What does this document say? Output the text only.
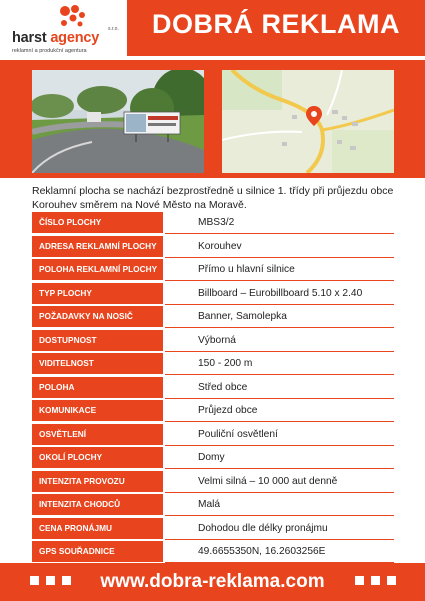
harst agency
s.r.o.
reklamní a produkční agentura
DOBRÁ REKLAMA
Reklamní plocha se nachází bezprostředně u silnice 1. třídy při průjezdu obce Korouhev směrem na Nové Město na Moravě.
ČÍSLO PLOCHY	MBS3/2
ADRESA REKLAMNÍ PLOCHY	Korouhev
POLOHA REKLAMNÍ PLOCHY	Přímo u hlavní silnice
TYP PLOCHY	Billboard – Eurobillboard 5.10 x 2.40
POŽADAVKY NA NOSIČ	Banner, Samolepka
DOSTUPNOST	Výborná
VIDITELNOST	150 - 200 m
POLOHA	Střed obce
KOMUNIKACE	Průjezd obce
OSVĚTLENÍ	Pouliční osvětlení
OKOLÍ PLOCHY	Domy
INTENZITA PROVOZU	Velmi silná – 10 000 aut denně
INTENZITA CHODCŮ	Malá
CENA PRONÁJMU	Dohodou dle délky pronájmu
GPS SOUŘADNICE	49.6655350N, 16.2603256E
www.dobra-reklama.com
